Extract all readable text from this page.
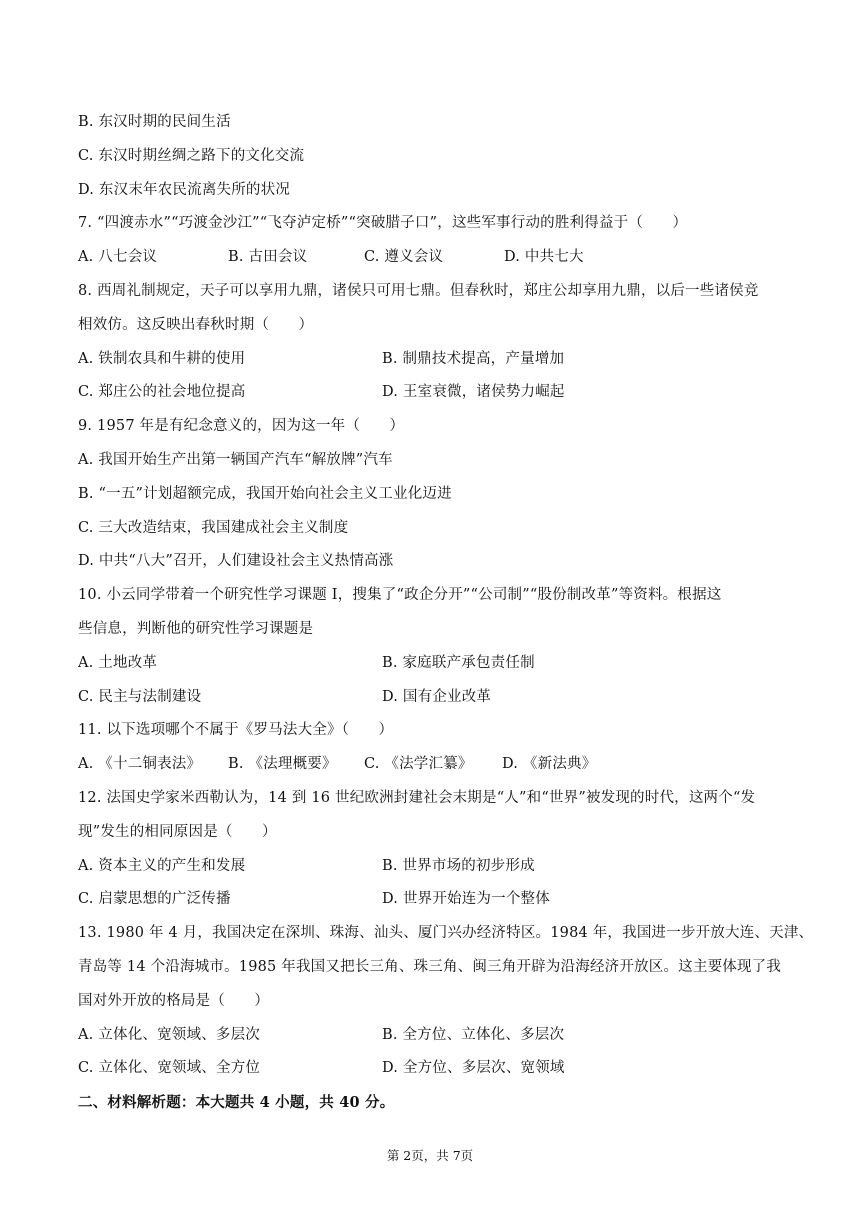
B. 东汉时期的民间生活
C. 东汉时期丝绸之路下的文化交流
D. 东汉末年农民流离失所的状况
7. “四渡赤水”“巧渡金沙江”“飞夺泸定桥”“突破腊子口”，这些军事行动的胜利得益于（　　）
A. 八七会议	B. 古田会议	C. 遵义会议	D. 中共七大
8. 西周礼制规定，天子可以享用九鼎，诸侯只可用七鼎。但春秋时，郑庄公却享用九鼎，以后一些诸侯竞
相效仿。这反映出春秋时期（　　）
A. 铁制农具和牛耕的使用	B. 制鼎技术提高，产量增加
C. 郑庄公的社会地位提高	D. 王室衰微，诸侯势力崛起
9. 1957 年是有纪念意义的，因为这一年（　　）
A. 我国开始生产出第一辆国产汽车“解放牌”汽车
B. “一五”计划超额完成，我国开始向社会主义工业化迈进
C. 三大改造结束，我国建成社会主义制度
D. 中共“八大”召开，人们建设社会主义热情高涨
10. 小云同学带着一个研究性学习课题 I，搜集了“政企分开”“公司制”“股份制改革”等资料。根据这
些信息，判断他的研究性学习课题是
A. 土地改革	B. 家庭联产承包责任制
C. 民主与法制建设	D. 国有企业改革
11. 以下选项哪个不属于《罗马法大全》（　　）
A. 《十二铜表法》	B. 《法理概要》	C. 《法学汇纂》	D. 《新法典》
12. 法国史学家米西勒认为，14 到 16 世纪欧洲封建社会末期是“人”和“世界”被发现的时代，这两个“发
现”发生的相同原因是（　　）
A. 资本主义的产生和发展	B. 世界市场的初步形成
C. 启蒙思想的广泛传播	D. 世界开始连为一个整体
13. 1980 年 4 月，我国决定在深圳、珠海、汕头、厦门兴办经济特区。1984 年，我国进一步开放大连、天津、
青岛等 14 个沿海城市。1985 年我国又把长三角、珠三角、闽三角开辟为沿海经济开放区。这主要体现了我
国对外开放的格局是（　　）
A. 立体化、宽领域、多层次	B. 全方位、立体化、多层次
C. 立体化、宽领域、全方位	D. 全方位、多层次、宽领域
二、材料解析题：本大题共 4 小题，共 40 分。
第 2页，共 7页
